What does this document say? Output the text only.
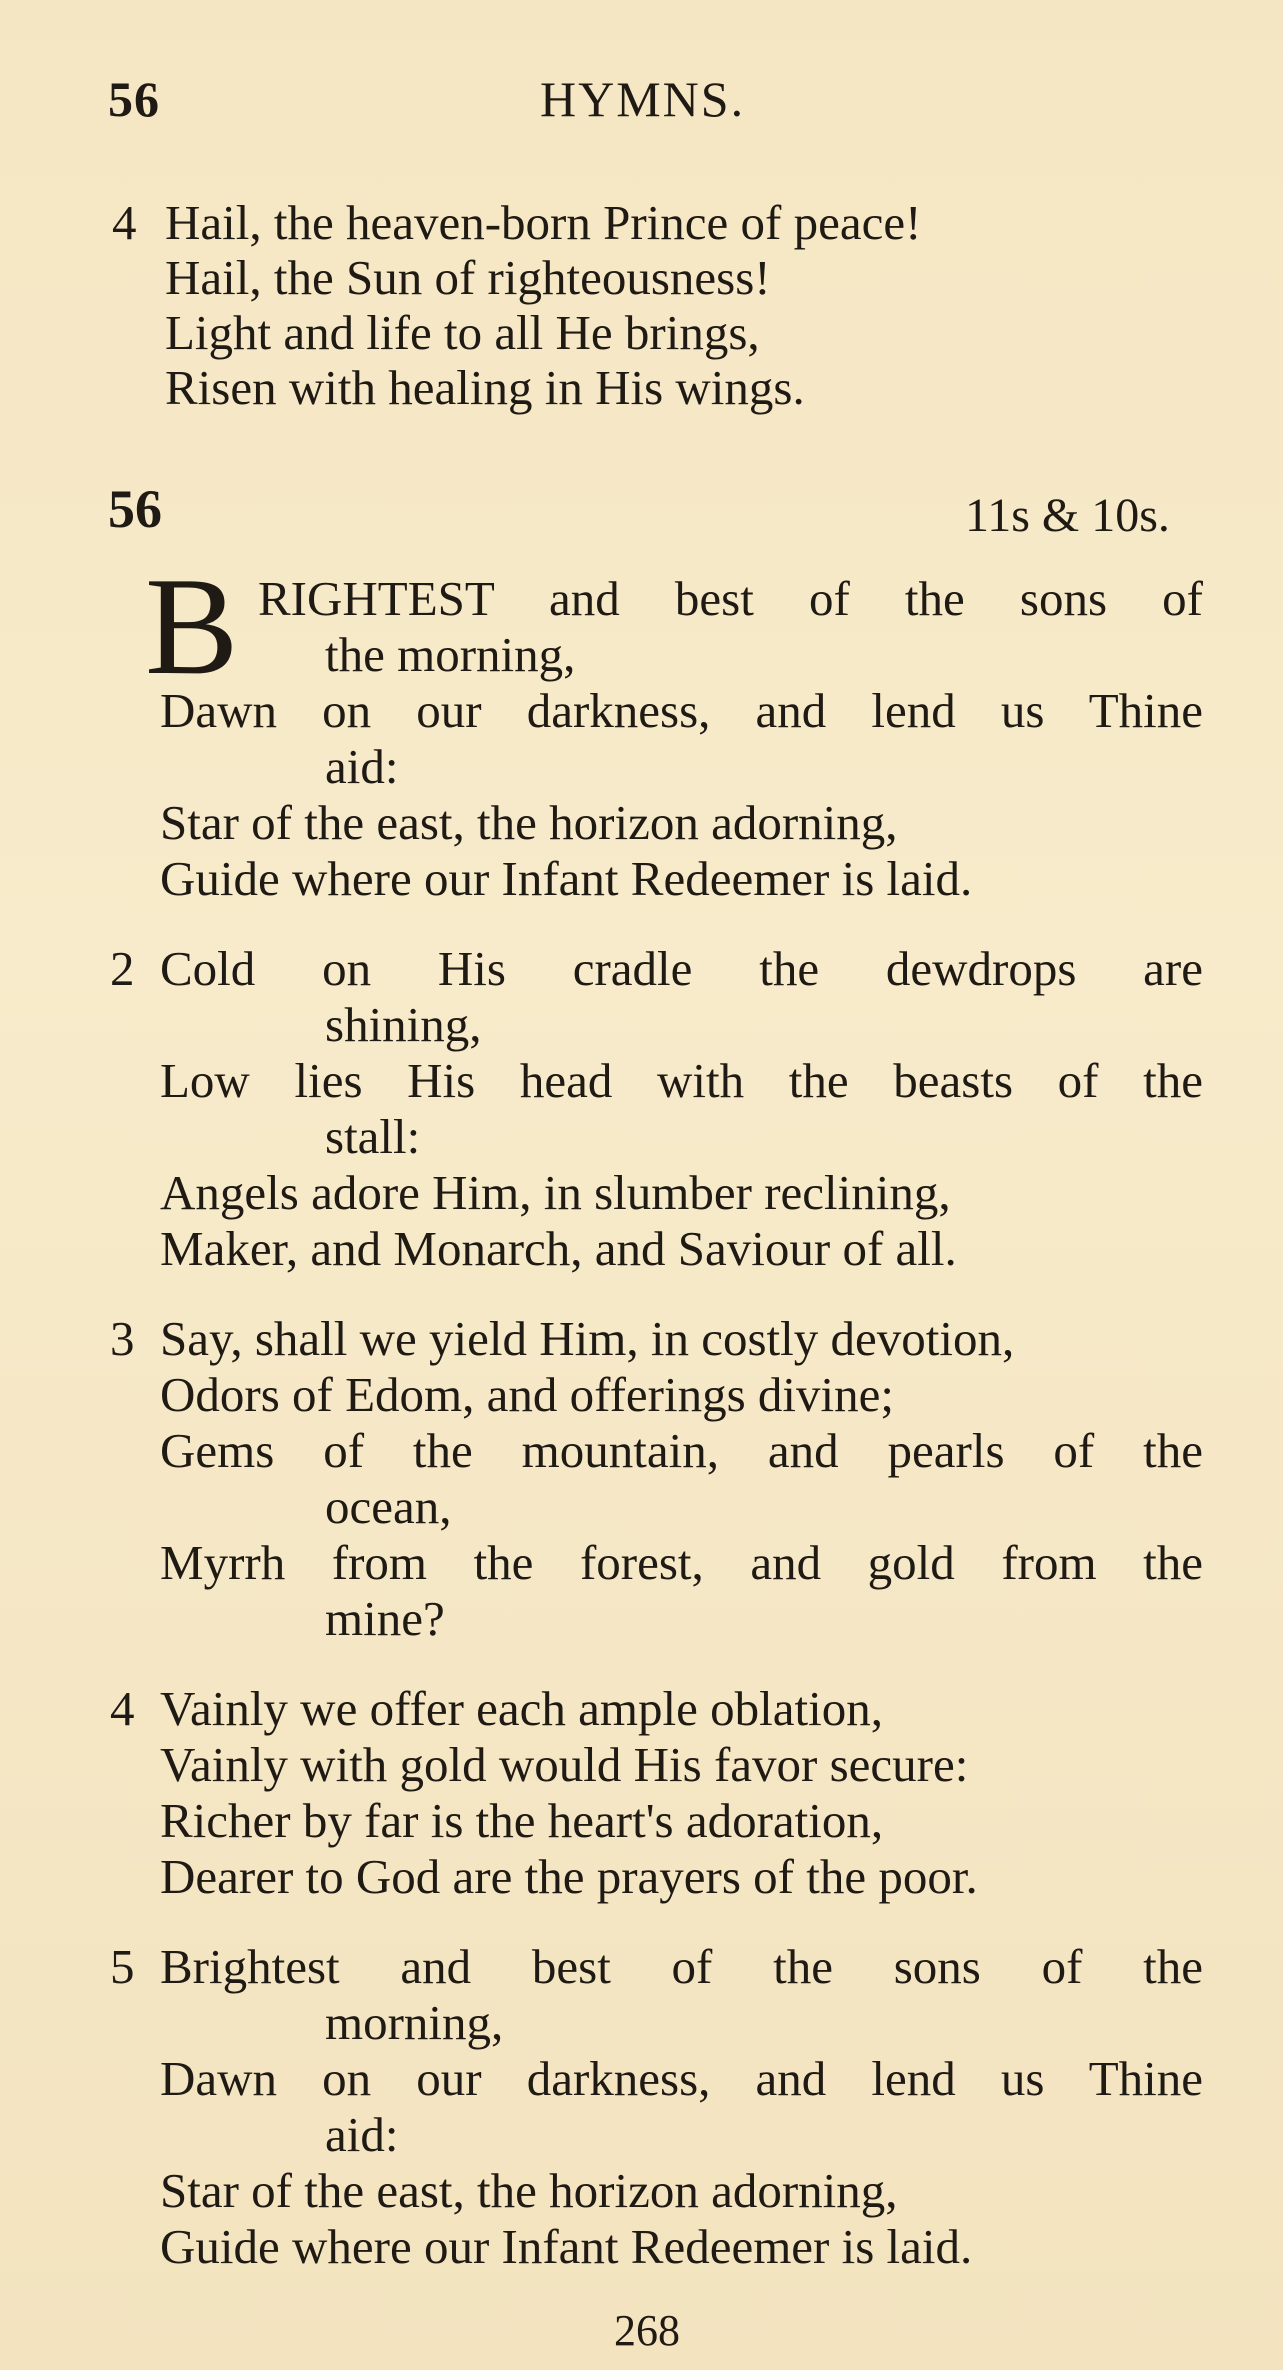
56	HYMNS.
4 Hail, the heaven-born Prince of peace!
Hail, the Sun of righteousness!
Light and life to all He brings,
Risen with healing in His wings.
56	11s & 10s.
B RIGHTEST and best of the sons of
the morning,
Dawn on our darkness, and lend us Thine
aid:
Star of the east, the horizon adorning,
Guide where our Infant Redeemer is laid.
2 Cold on His cradle the dewdrops are
shining,
Low lies His head with the beasts of the
stall:
Angels adore Him, in slumber reclining,
Maker, and Monarch, and Saviour of all.
3 Say, shall we yield Him, in costly devotion,
Odors of Edom, and offerings divine;
Gems of the mountain, and pearls of the
ocean,
Myrrh from the forest, and gold from the
mine?
4 Vainly we offer each ample oblation,
Vainly with gold would His favor secure:
Richer by far is the heart's adoration,
Dearer to God are the prayers of the poor.
5 Brightest and best of the sons of the
morning,
Dawn on our darkness, and lend us Thine
aid:
Star of the east, the horizon adorning,
Guide where our Infant Redeemer is laid.
268
